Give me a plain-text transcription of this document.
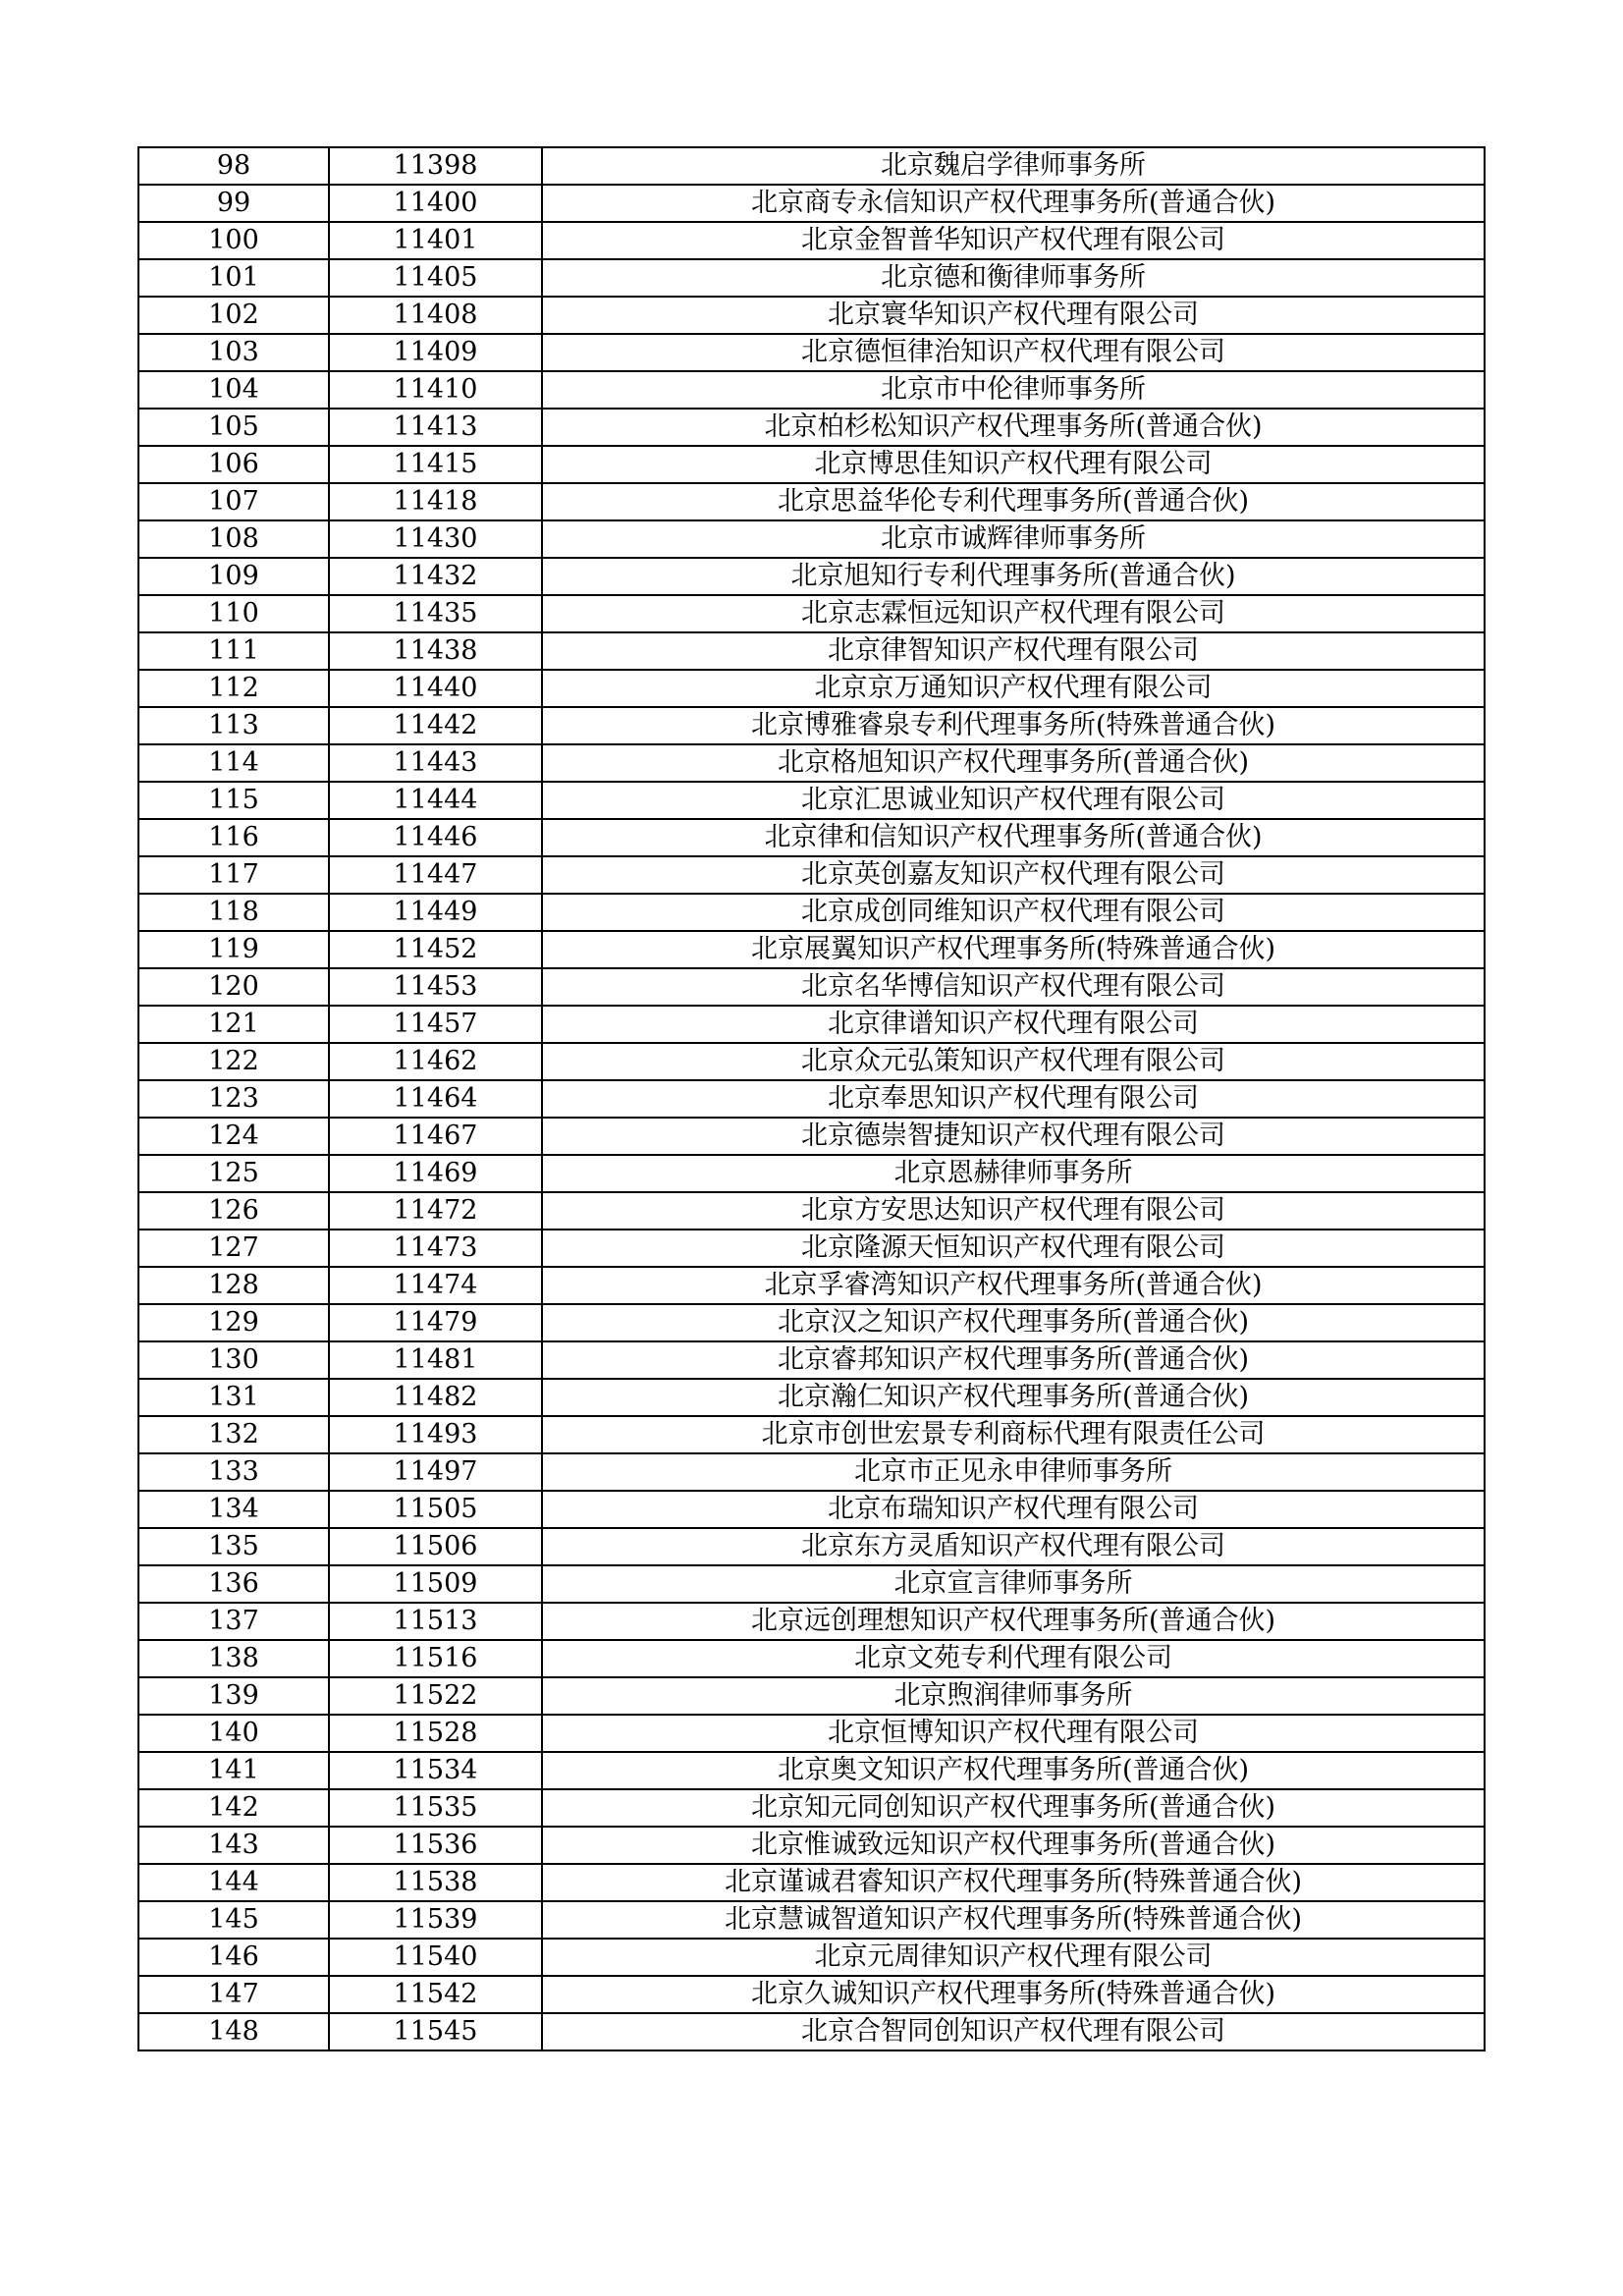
98	11398	北京魏启学律师事务所
99	11400	北京商专永信知识产权代理事务所(普通合伙)
100	11401	北京金智普华知识产权代理有限公司
101	11405	北京德和衡律师事务所
102	11408	北京寰华知识产权代理有限公司
103	11409	北京德恒律治知识产权代理有限公司
104	11410	北京市中伦律师事务所
105	11413	北京柏杉松知识产权代理事务所(普通合伙)
106	11415	北京博思佳知识产权代理有限公司
107	11418	北京思益华伦专利代理事务所(普通合伙)
108	11430	北京市诚辉律师事务所
109	11432	北京旭知行专利代理事务所(普通合伙)
110	11435	北京志霖恒远知识产权代理有限公司
111	11438	北京律智知识产权代理有限公司
112	11440	北京京万通知识产权代理有限公司
113	11442	北京博雅睿泉专利代理事务所(特殊普通合伙)
114	11443	北京格旭知识产权代理事务所(普通合伙)
115	11444	北京汇思诚业知识产权代理有限公司
116	11446	北京律和信知识产权代理事务所(普通合伙)
117	11447	北京英创嘉友知识产权代理有限公司
118	11449	北京成创同维知识产权代理有限公司
119	11452	北京展翼知识产权代理事务所(特殊普通合伙)
120	11453	北京名华博信知识产权代理有限公司
121	11457	北京律谱知识产权代理有限公司
122	11462	北京众元弘策知识产权代理有限公司
123	11464	北京奉思知识产权代理有限公司
124	11467	北京德崇智捷知识产权代理有限公司
125	11469	北京恩赫律师事务所
126	11472	北京方安思达知识产权代理有限公司
127	11473	北京隆源天恒知识产权代理有限公司
128	11474	北京孚睿湾知识产权代理事务所(普通合伙)
129	11479	北京汉之知识产权代理事务所(普通合伙)
130	11481	北京睿邦知识产权代理事务所(普通合伙)
131	11482	北京瀚仁知识产权代理事务所(普通合伙)
132	11493	北京市创世宏景专利商标代理有限责任公司
133	11497	北京市正见永申律师事务所
134	11505	北京布瑞知识产权代理有限公司
135	11506	北京东方灵盾知识产权代理有限公司
136	11509	北京宣言律师事务所
137	11513	北京远创理想知识产权代理事务所(普通合伙)
138	11516	北京文苑专利代理有限公司
139	11522	北京煦润律师事务所
140	11528	北京恒博知识产权代理有限公司
141	11534	北京奥文知识产权代理事务所(普通合伙)
142	11535	北京知元同创知识产权代理事务所(普通合伙)
143	11536	北京惟诚致远知识产权代理事务所(普通合伙)
144	11538	北京谨诚君睿知识产权代理事务所(特殊普通合伙)
145	11539	北京慧诚智道知识产权代理事务所(特殊普通合伙)
146	11540	北京元周律知识产权代理有限公司
147	11542	北京久诚知识产权代理事务所(特殊普通合伙)
148	11545	北京合智同创知识产权代理有限公司
